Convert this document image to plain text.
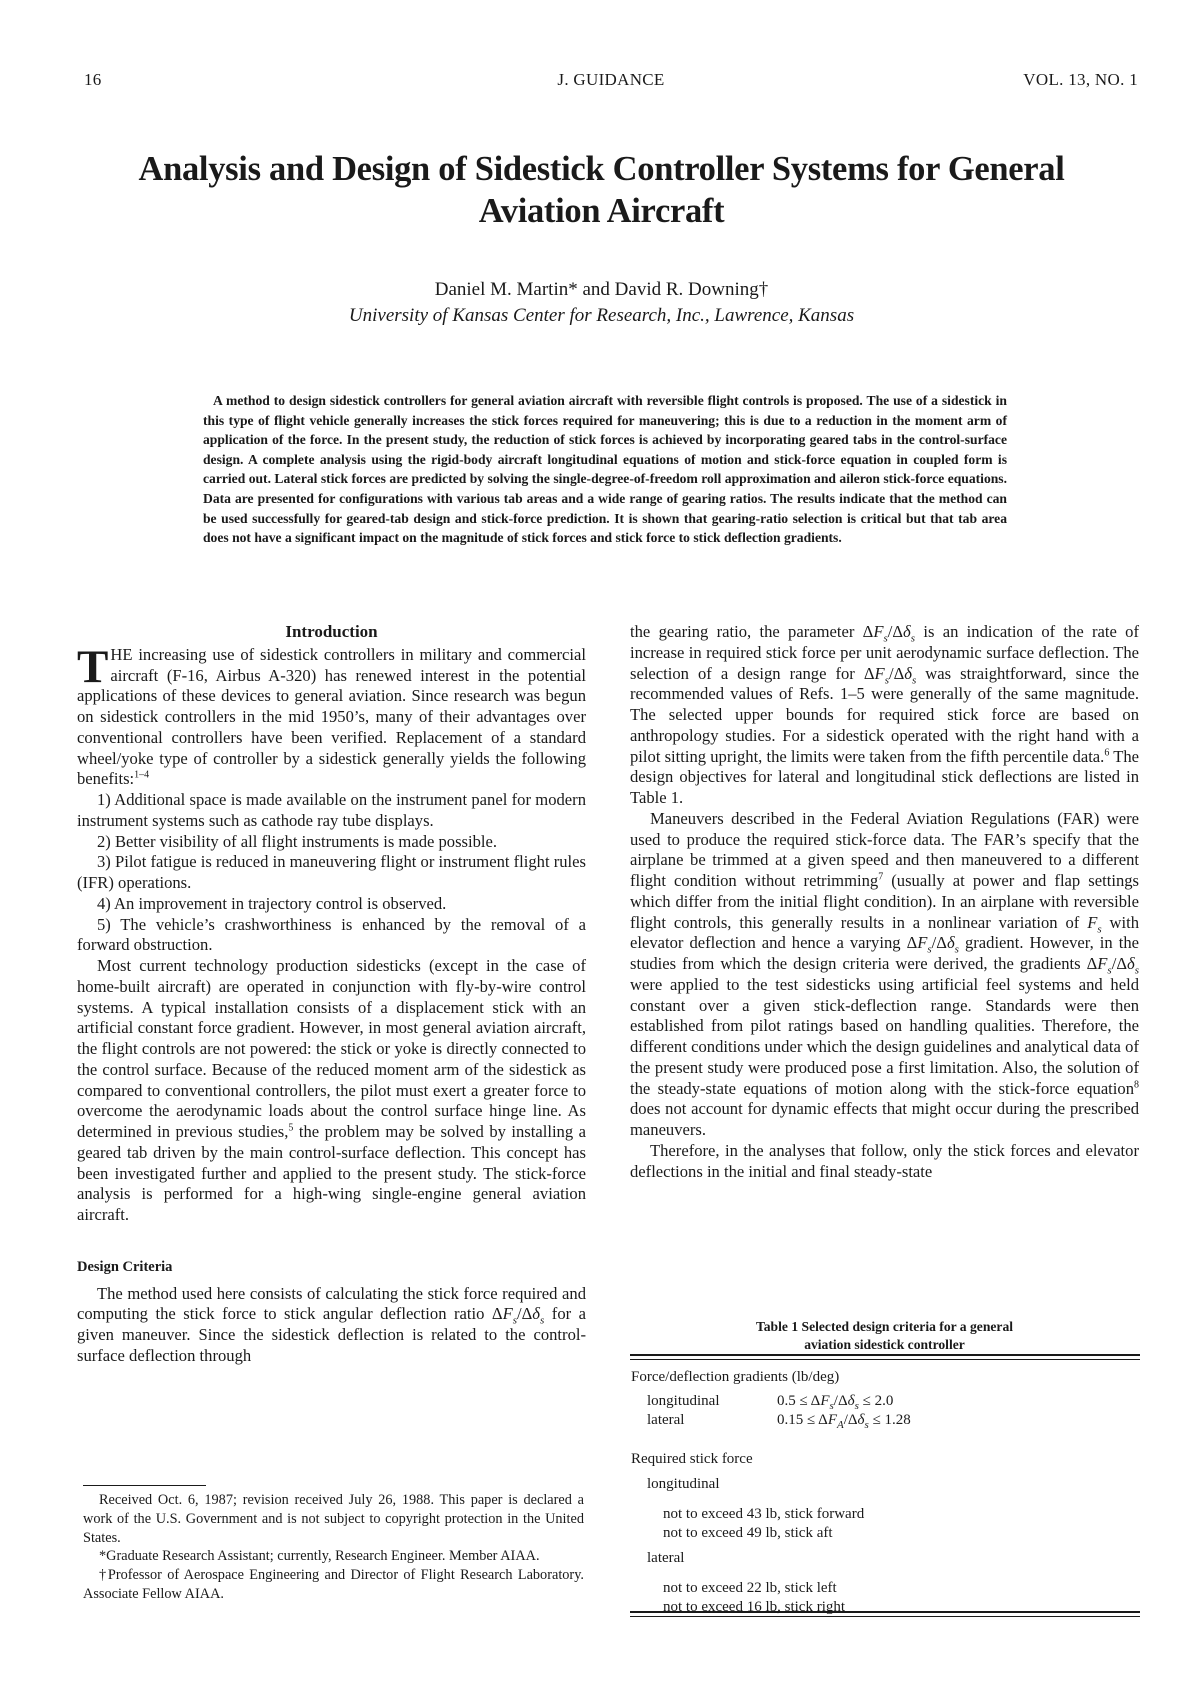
16	J. GUIDANCE	VOL. 13, NO. 1
Analysis and Design of Sidestick Controller Systems for General
Aviation Aircraft
Daniel M. Martin* and David R. Downing†
University of Kansas Center for Research, Inc., Lawrence, Kansas
A method to design sidestick controllers for general aviation aircraft with reversible flight controls is proposed. The use of a sidestick in this type of flight vehicle generally increases the stick forces required for maneuvering; this is due to a reduction in the moment arm of application of the force. In the present study, the reduction of stick forces is achieved by incorporating geared tabs in the control-surface design. A complete analysis using the rigid-body aircraft longitudinal equations of motion and stick-force equation in coupled form is carried out. Lateral stick forces are predicted by solving the single-degree-of-freedom roll approximation and aileron stick-force equations. Data are presented for configurations with various tab areas and a wide range of gearing ratios. The results indicate that the method can be used successfully for geared-tab design and stick-force prediction. It is shown that gearing-ratio selection is critical but that tab area does not have a significant impact on the magnitude of stick forces and stick force to stick deflection gradients.
Introduction

THE increasing use of sidestick controllers in military and commercial aircraft (F-16, Airbus A-320) has renewed interest in the potential applications of these devices to general aviation. Since research was begun on sidestick controllers in the mid 1950’s, many of their advantages over conventional controllers have been verified. Replacement of a standard wheel/yoke type of controller by a sidestick generally yields the following benefits:$^{1-4}$

1) Additional space is made available on the instrument panel for modern instrument systems such as cathode ray tube displays.

2) Better visibility of all flight instruments is made possible.

3) Pilot fatigue is reduced in maneuvering flight or instrument flight rules (IFR) operations.

4) An improvement in trajectory control is observed.

5) The vehicle’s crashworthiness is enhanced by the removal of a forward obstruction.

Most current technology production sidesticks (except in the case of home-built aircraft) are operated in conjunction with fly-by-wire control systems. A typical installation consists of a displacement stick with an artificial constant force gradient. However, in most general aviation aircraft, the flight controls are not powered: the stick or yoke is directly connected to the control surface. Because of the reduced moment arm of the sidestick as compared to conventional controllers, the pilot must exert a greater force to overcome the aerodynamic loads about the control surface hinge line. As determined in previous studies,$^5$ the problem may be solved by installing a geared tab driven by the main control-surface deflection. This concept has been investigated further and applied to the present study. The stick-force analysis is performed for a high-wing single-engine general aviation aircraft.

Design Criteria

The method used here consists of calculating the stick force required and computing the stick force to stick angular deflection ratio $\Delta F_s/\Delta\delta_s$ for a given maneuver. Since the sidestick deflection is related to the control-surface deflection through

Received Oct. 6, 1987; revision received July 26, 1988. This paper is declared a work of the U.S. Government and is not subject to copyright protection in the United States.

*Graduate Research Assistant; currently, Research Engineer. Member AIAA.

†Professor of Aerospace Engineering and Director of Flight Research Laboratory. Associate Fellow AIAA.

the gearing ratio, the parameter $\Delta F_s/\Delta\delta_s$ is an indication of the rate of increase in required stick force per unit aerodynamic surface deflection. The selection of a design range for $\Delta F_s/\Delta\delta_s$ was straightforward, since the recommended values of Refs. 1–5 were generally of the same magnitude. The selected upper bounds for required stick force are based on anthropology studies. For a sidestick operated with the right hand with a pilot sitting upright, the limits were taken from the fifth percentile data.$^6$ The design objectives for lateral and longitudinal stick deflections are listed in Table 1.

Maneuvers described in the Federal Aviation Regulations (FAR) were used to produce the required stick-force data. The FAR’s specify that the airplane be trimmed at a given speed and then maneuvered to a different flight condition without retrimming$^7$ (usually at power and flap settings which differ from the initial flight condition). In an airplane with reversible flight controls, this generally results in a nonlinear variation of $F_s$ with elevator deflection and hence a varying $\Delta F_s/\Delta\delta_s$ gradient. However, in the studies from which the design criteria were derived, the gradients $\Delta F_s/\Delta\delta_s$ were applied to the test sidesticks using artificial feel systems and held constant over a given stick-deflection range. Standards were then established from pilot ratings based on handling qualities. Therefore, the different conditions under which the design guidelines and analytical data of the present study were produced pose a first limitation. Also, the solution of the steady-state equations of motion along with the stick-force equation$^8$ does not account for dynamic effects that might occur during the prescribed maneuvers.

Therefore, in the analyses that follow, only the stick forces and elevator deflections in the initial and final steady-state

Table 1 Selected design criteria for a general
aviation sidestick controller
Force/deflection gradients (lb/deg)
longitudinal	$0.5 \le \Delta F_s/\Delta\delta_s \le 2.0$
lateral	$0.15 \le \Delta F_A/\Delta\delta_s \le 1.28$
Required stick force
longitudinal
not to exceed 43 lb, stick forward
not to exceed 49 lb, stick aft
lateral
not to exceed 22 lb, stick left
not to exceed 16 lb, stick right
